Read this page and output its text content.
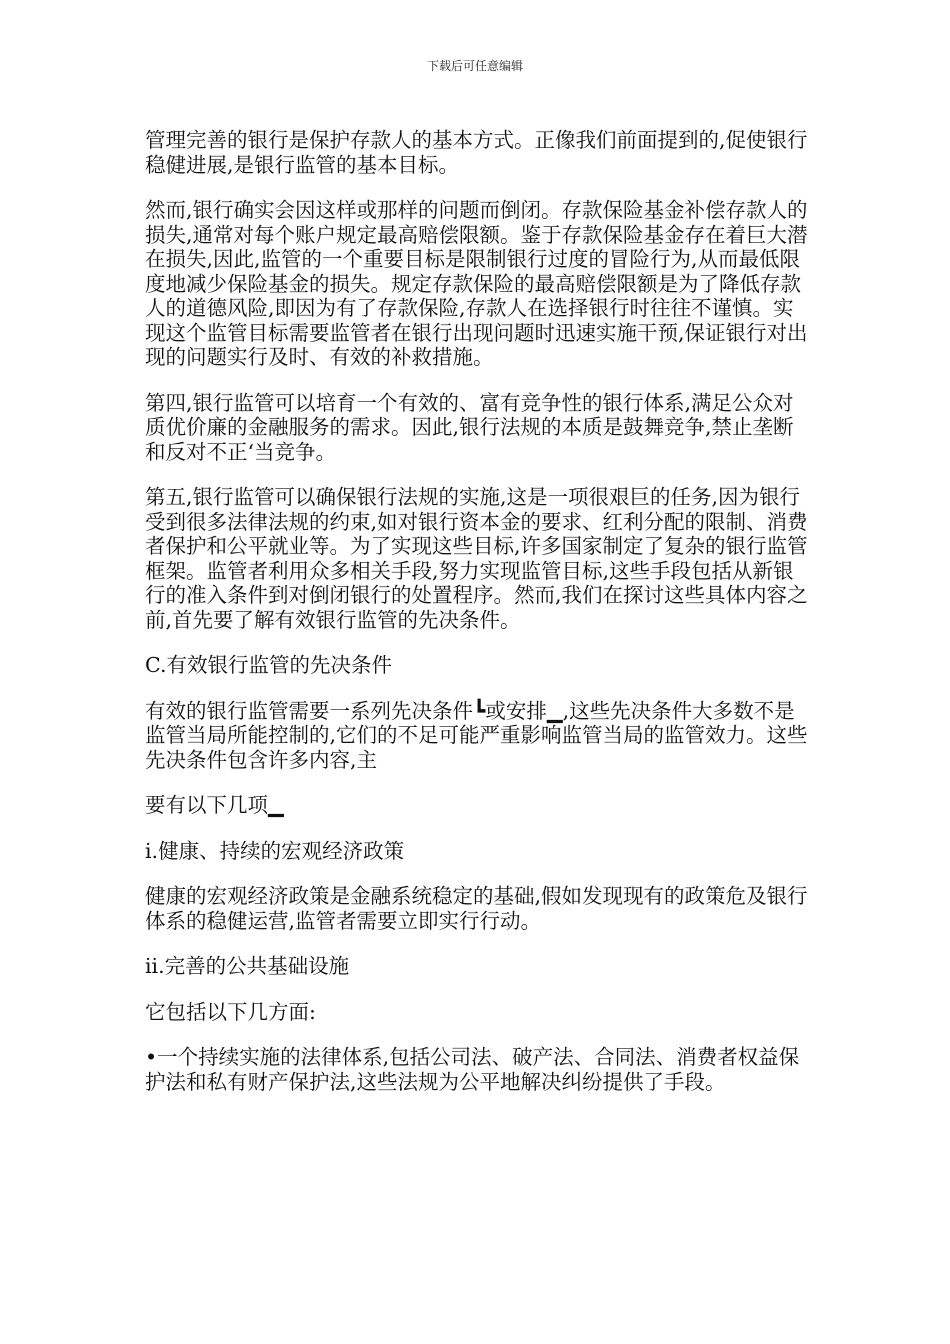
下载后可任意编辑

管理完善的银行是保护存款人的基本方式。正像我们前面提到的,促使银行稳健进展,是银行监管的基本目标。

然而,银行确实会因这样或那样的问题而倒闭。存款保险基金补偿存款人的损失,通常对每个账户规定最高赔偿限额。鉴于存款保险基金存在着巨大潜在损失,因此,监管的一个重要目标是限制银行过度的冒险行为,从而最低限度地减少保险基金的损失。规定存款保险的最高赔偿限额是为了降低存款人的道德风险,即因为有了存款保险,存款人在选择银行时往往不谨慎。实现这个监管目标需要监管者在银行出现问题时迅速实施干预,保证银行对出现的问题实行及时、有效的补救措施。

第四,银行监管可以培育一个有效的、富有竞争性的银行体系,满足公众对质优价廉的金融服务的需求。因此,银行法规的本质是鼓舞竞争,禁止垄断和反对不正‘当竞争。

第五,银行监管可以确保银行法规的实施,这是一项很艰巨的任务,因为银行受到很多法律法规的约束,如对银行资本金的要求、红利分配的限制、消费者保护和公平就业等。为了实现这些目标,许多国家制定了复杂的银行监管框架。监管者利用众多相关手段,努力实现监管目标,这些手段包括从新银行的准入条件到对倒闭银行的处置程序。然而,我们在探讨这些具体内容之前,首先要了解有效银行监管的先决条件。

C.有效银行监管的先决条件

有效的银行监管需要一系列先决条件┗或安排▁,这些先决条件大多数不是监管当局所能控制的,它们的不足可能严重影响监管当局的监管效力。这些先决条件包含许多内容,主

要有以下几项▁

i.健康、持续的宏观经济政策

健康的宏观经济政策是金融系统稳定的基础,假如发现现有的政策危及银行体系的稳健运营,监管者需要立即实行行动。

ii.完善的公共基础设施

它包括以下几方面:

•一个持续实施的法律体系,包括公司法、破产法、合同法、消费者权益保护法和私有财产保护法,这些法规为公平地解决纠纷提供了手段。
